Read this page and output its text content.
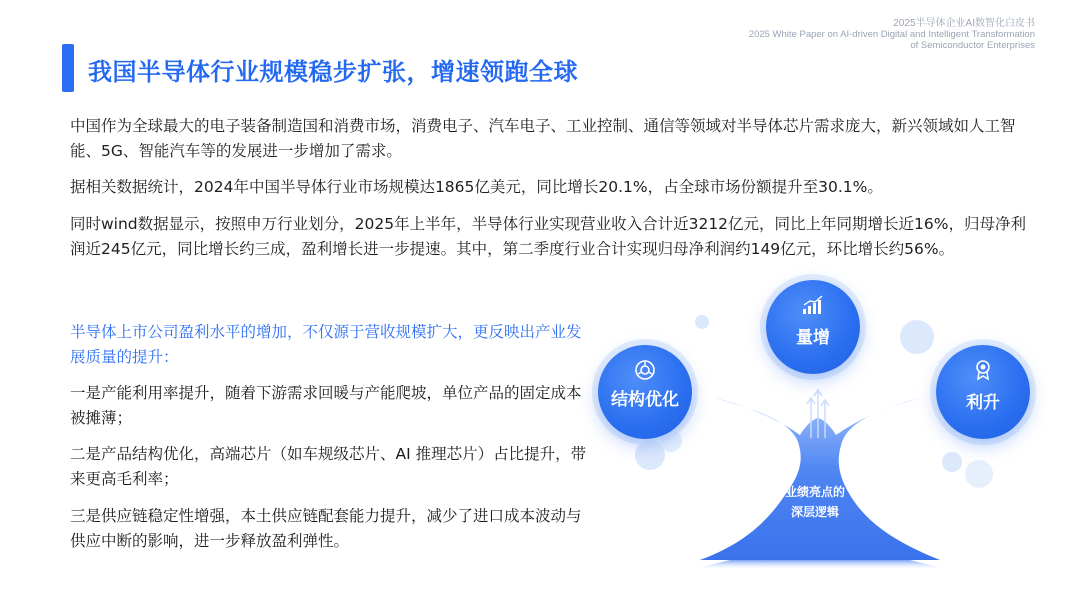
2025半导体企业AI数智化白皮书
2025 White Paper on AI-driven Digital and Intelligent Transformation
of Semiconductor Enterprises
我国半导体行业规模稳步扩张，增速领跑全球
中国作为全球最大的电子装备制造国和消费市场，消费电子、汽车电子、工业控制、通信等领域对半导体芯片需求庞大，新兴领域如人工智能、5G、智能汽车等的发展进一步增加了需求。
据相关数据统计，2024年中国半导体行业市场规模达1865亿美元，同比增长20.1%，占全球市场份额提升至30.1%。
同时wind数据显示，按照申万行业划分，2025年上半年，半导体行业实现营业收入合计近3212亿元，同比上年同期增长近16%，归母净利润近245亿元，同比增长约三成，盈利增长进一步提速。其中，第二季度行业合计实现归母净利润约149亿元，环比增长约56%。
半导体上市公司盈利水平的增加，不仅源于营收规模扩大，更反映出产业发展质量的提升：
一是产能利用率提升，随着下游需求回暖与产能爬坡，单位产品的固定成本被摊薄；
二是产品结构优化，高端芯片（如车规级芯片、AI 推理芯片）占比提升，带来更高毛利率；
三是供应链稳定性增强，本土供应链配套能力提升，减少了进口成本波动与供应中断的影响，进一步释放盈利弹性。
业绩亮点的
深层逻辑
结构优化
量增
利升
